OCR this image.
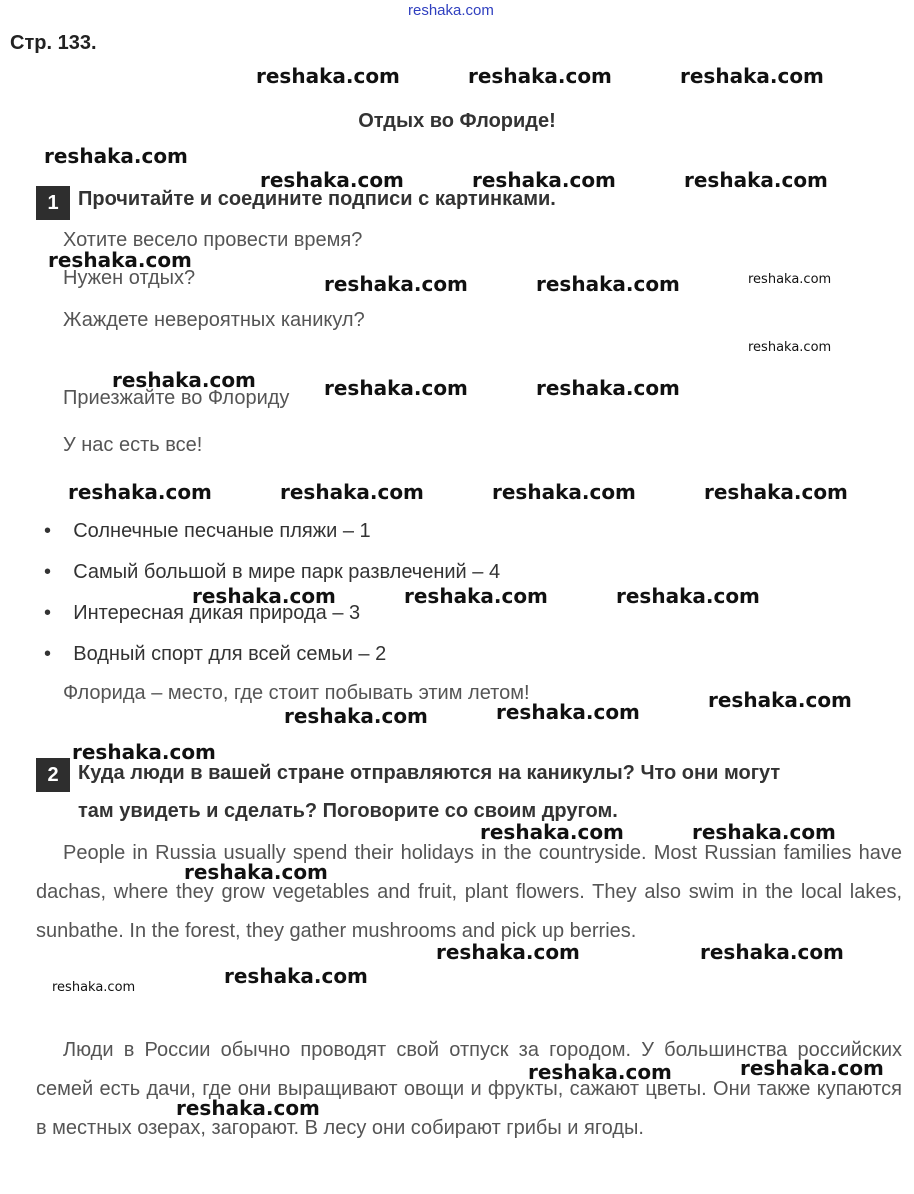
reshaka.com
Стр. 133.
Отдых во Флориде!
1 Прочитайте и соедините подписи с картинками.
Хотите весело провести время?
Нужен отдых?
Жаждете невероятных каникул?
Приезжайте во Флориду
У нас есть все!
•    Солнечные песчаные пляжи – 1
•    Самый большой в мире парк развлечений – 4
•    Интересная дикая природа – 3
•    Водный спорт для всей семьи – 2
Флорида – место, где стоит побывать этим летом!
2 Куда люди в вашей стране отправляются на каникулы? Что они могут
там увидеть и сделать? Поговорите со своим другом.
People in Russia usually spend their holidays in the countryside. Most Russian families have dachas, where they grow vegetables and fruit, plant flowers. They also swim in the local lakes, sunbathe. In the forest, they gather mushrooms and pick up berries.
Люди в России обычно проводят свой отпуск за городом. У большинства российских семей есть дачи, где они выращивают овощи и фрукты, сажают цветы. Они также купаются в местных озерах, загорают. В лесу они собирают грибы и ягоды.
reshaka.com	reshaka.com	reshaka.com
reshaka.com
reshaka.com	reshaka.com	reshaka.com
reshaka.com
reshaka.com	reshaka.com	reshaka.com
reshaka.com
reshaka.com	reshaka.com	reshaka.com
reshaka.com	reshaka.com	reshaka.com	reshaka.com
reshaka.com	reshaka.com	reshaka.com
reshaka.com
reshaka.com
reshaka.com
reshaka.com
reshaka.com	reshaka.com
reshaka.com
reshaka.com	reshaka.com
reshaka.com
reshaka.com
reshaka.com
reshaka.com
reshaka.com
